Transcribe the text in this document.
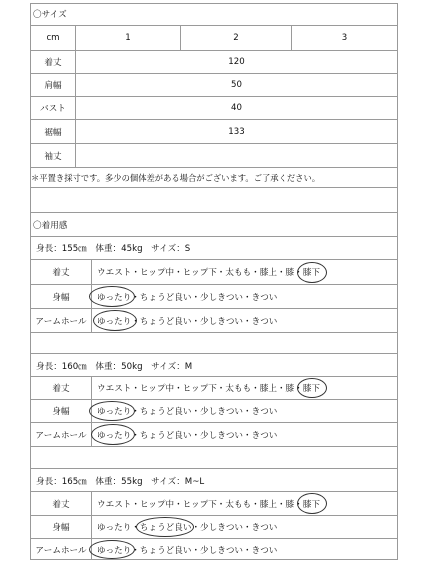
〇サイズ
cm	1	2	3
着丈	120
肩幅	50
バスト	40
裾幅	133
袖丈
＊平置き採寸です。多少の個体差がある場合がございます。ご了承ください。
〇着用感
身長：155㎝　体重：45kg　サイズ：S
着丈	ウエスト・ヒップ中・ヒップ下・太もも・膝上・膝・膝下
身幅	ゆったり・ちょうど良い・少しきつい・きつい
アームホール	ゆったり・ちょうど良い・少しきつい・きつい
身長：160㎝　体重：50kg　サイズ：M
着丈	ウエスト・ヒップ中・ヒップ下・太もも・膝上・膝・膝下
身幅	ゆったり・ちょうど良い・少しきつい・きつい
アームホール	ゆったり・ちょうど良い・少しきつい・きつい
身長：165㎝　体重：55kg　サイズ：M~L
着丈	ウエスト・ヒップ中・ヒップ下・太もも・膝上・膝・膝下
身幅	ゆったり・ちょうど良い・少しきつい・きつい
アームホール	ゆったり・ちょうど良い・少しきつい・きつい
